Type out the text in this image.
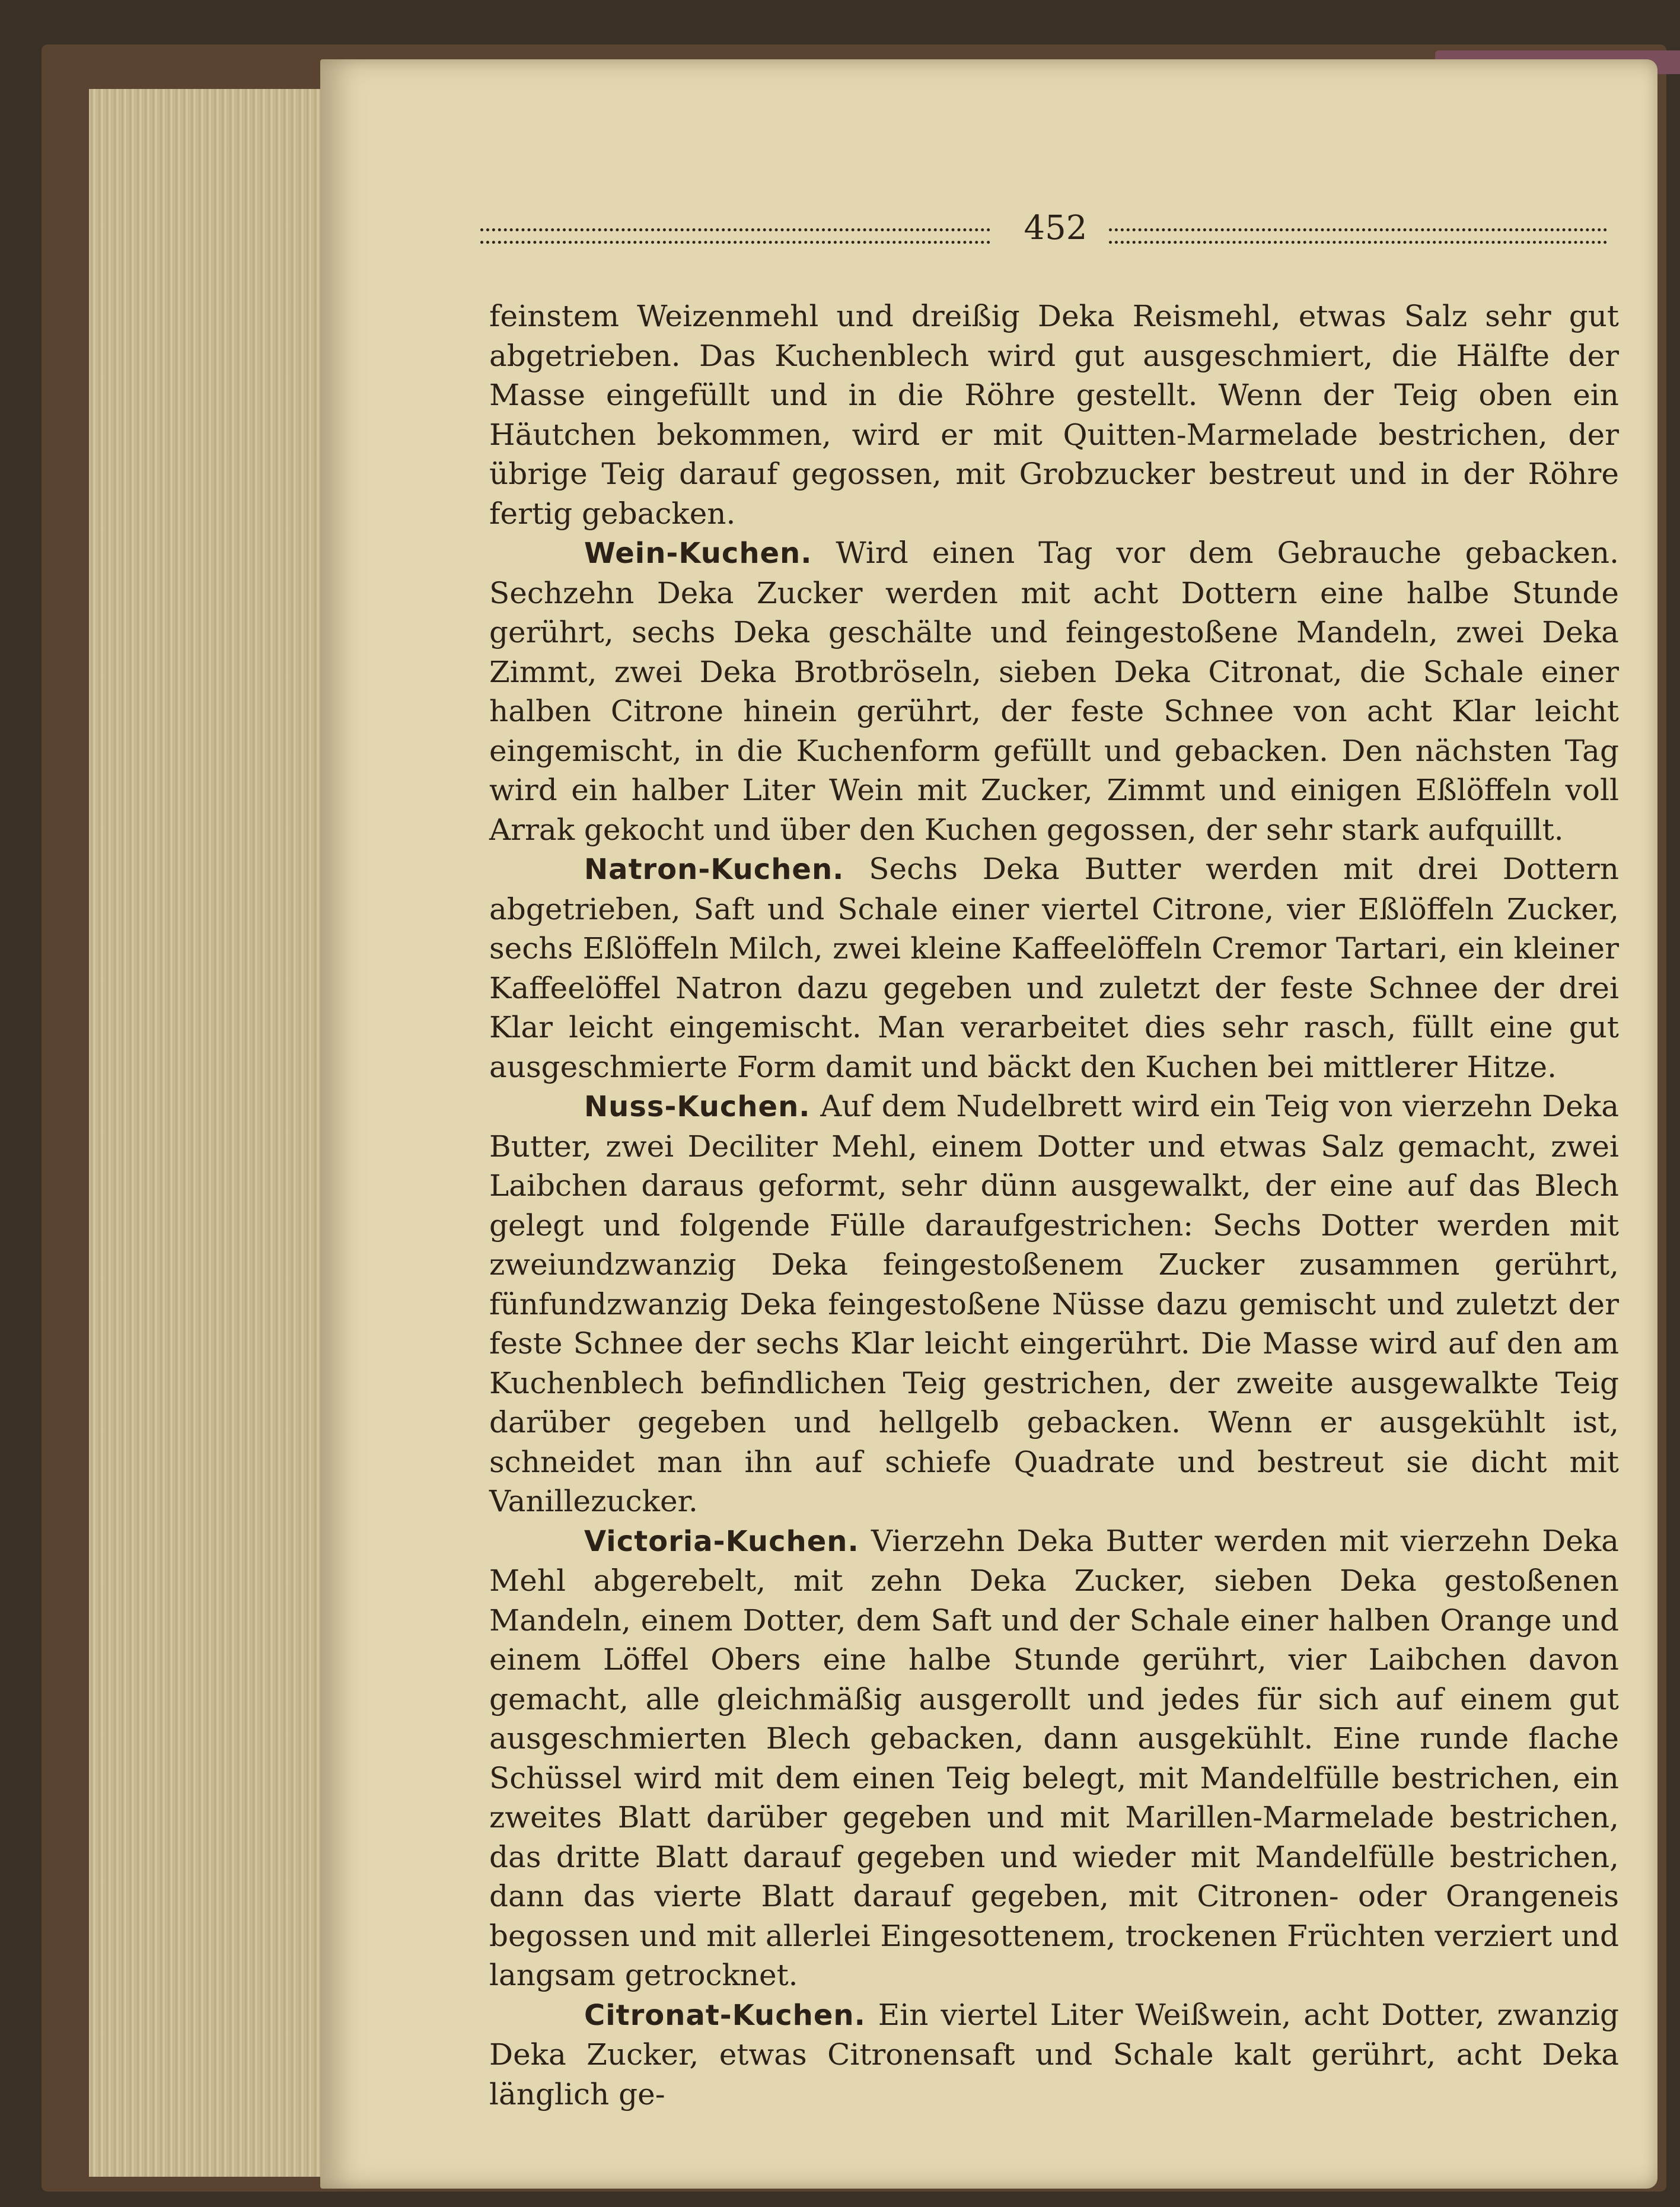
452

feinstem Weizenmehl und dreißig Deka Reismehl, etwas Salz sehr gut abgetrieben. Das Kuchenblech wird gut ausgeschmiert, die Hälfte der Masse eingefüllt und in die Röhre gestellt. Wenn der Teig oben ein Häutchen bekommen, wird er mit Quitten-Marmelade bestrichen, der übrige Teig darauf gegossen, mit Grobzucker bestreut und in der Röhre fertig gebacken.

Wein-Kuchen. Wird einen Tag vor dem Gebrauche gebacken. Sechzehn Deka Zucker werden mit acht Dottern eine halbe Stunde gerührt, sechs Deka geschälte und feingestoßene Mandeln, zwei Deka Zimmt, zwei Deka Brotbröseln, sieben Deka Citronat, die Schale einer halben Citrone hinein gerührt, der feste Schnee von acht Klar leicht eingemischt, in die Kuchenform gefüllt und gebacken. Den nächsten Tag wird ein halber Liter Wein mit Zucker, Zimmt und einigen Eßlöffeln voll Arrak gekocht und über den Kuchen gegossen, der sehr stark aufquillt.

Natron-Kuchen. Sechs Deka Butter werden mit drei Dottern abgetrieben, Saft und Schale einer viertel Citrone, vier Eßlöffeln Zucker, sechs Eßlöffeln Milch, zwei kleine Kaffeelöffeln Cremor Tartari, ein kleiner Kaffeelöffel Natron dazu gegeben und zuletzt der feste Schnee der drei Klar leicht eingemischt. Man verarbeitet dies sehr rasch, füllt eine gut ausgeschmierte Form damit und bäckt den Kuchen bei mittlerer Hitze.

Nuss-Kuchen. Auf dem Nudelbrett wird ein Teig von vierzehn Deka Butter, zwei Deciliter Mehl, einem Dotter und etwas Salz gemacht, zwei Laibchen daraus geformt, sehr dünn ausgewalkt, der eine auf das Blech gelegt und folgende Fülle daraufgestrichen: Sechs Dotter werden mit zweiundzwanzig Deka feingestoßenem Zucker zusammen gerührt, fünfundzwanzig Deka feingestoßene Nüsse dazu gemischt und zuletzt der feste Schnee der sechs Klar leicht eingerührt. Die Masse wird auf den am Kuchenblech befindlichen Teig gestrichen, der zweite ausgewalkte Teig darüber gegeben und hellgelb gebacken. Wenn er ausgekühlt ist, schneidet man ihn auf schiefe Quadrate und bestreut sie dicht mit Vanillezucker.

Victoria-Kuchen. Vierzehn Deka Butter werden mit vierzehn Deka Mehl abgerebelt, mit zehn Deka Zucker, sieben Deka gestoßenen Mandeln, einem Dotter, dem Saft und der Schale einer halben Orange und einem Löffel Obers eine halbe Stunde gerührt, vier Laibchen davon gemacht, alle gleichmäßig ausgerollt und jedes für sich auf einem gut ausgeschmierten Blech gebacken, dann ausgekühlt. Eine runde flache Schüssel wird mit dem einen Teig belegt, mit Mandelfülle bestrichen, ein zweites Blatt darüber gegeben und mit Marillen-Marmelade bestrichen, das dritte Blatt darauf gegeben und wieder mit Mandelfülle bestrichen, dann das vierte Blatt darauf gegeben, mit Citronen- oder Orangeneis begossen und mit allerlei Eingesottenem, trockenen Früchten verziert und langsam getrocknet.

Citronat-Kuchen. Ein viertel Liter Weißwein, acht Dotter, zwanzig Deka Zucker, etwas Citronensaft und Schale kalt gerührt, acht Deka länglich ge-
